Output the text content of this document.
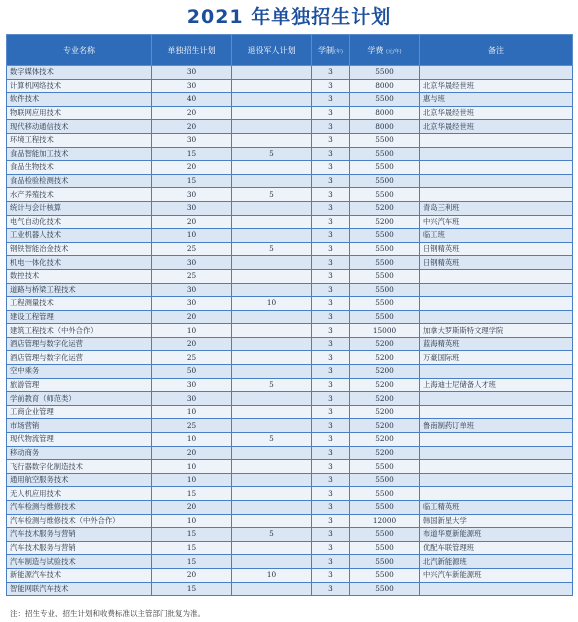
2021 年单独招生计划
专业名称	单独招生计划	退役军人计划	学制(年)	学费 (元/年)	备注
数字媒体技术	30		3	5500	
计算机网络技术	30		3	8000	北京华晟经世班
软件技术	40		3	5500	惠与班
物联网应用技术	20		3	8000	北京华晟经世班
现代移动通信技术	20		3	8000	北京华晟经世班
环境工程技术	30		3	5500	
食品智能加工技术	15	5	3	5500	
食品生物技术	20		3	5500	
食品检验检测技术	15		3	5500	
水产养殖技术	30	5	3	5500	
统计与会计核算	30		3	5200	青岛三利班
电气自动化技术	20		3	5200	中兴汽车班
工业机器人技术	10		3	5500	临工班
钢铁智能冶金技术	25	5	3	5500	日钢精英班
机电一体化技术	30		3	5500	日钢精英班
数控技术	25		3	5500	
道路与桥梁工程技术	30		3	5500	
工程测量技术	30	10	3	5500	
建设工程管理	20		3	5500	
建筑工程技术（中外合作）	10		3	15000	加拿大罗斯斯特文理学院
酒店管理与数字化运营	20		3	5200	蓝海精英班
酒店管理与数字化运营	25		3	5200	万豪国际班
空中乘务	50		3	5200	
旅游管理	30	5	3	5200	上海迪士尼储备人才班
学前教育（师范类）	30		3	5200	
工商企业管理	10		3	5200	
市场营销	25		3	5200	鲁南制药订单班
现代物流管理	10	5	3	5200	
移动商务	20		3	5200	
飞行器数字化制造技术	10		3	5500	
通用航空服务技术	10		3	5500	
无人机应用技术	15		3	5500	
汽车检测与维修技术	20		3	5500	临工精英班
汽车检测与维修技术（中外合作）	10		3	12000	韩国新星大学
汽车技术服务与营销	15	5	3	5500	布道华夏新能源班
汽车技术服务与营销	15		3	5500	优配车联管理班
汽车制造与试验技术	15		3	5500	北汽新能源班
新能源汽车技术	20	10	3	5500	中兴汽车新能源班
智能网联汽车技术	15		3	5500	
注：招生专业、招生计划和收费标准以主管部门批复为准。
